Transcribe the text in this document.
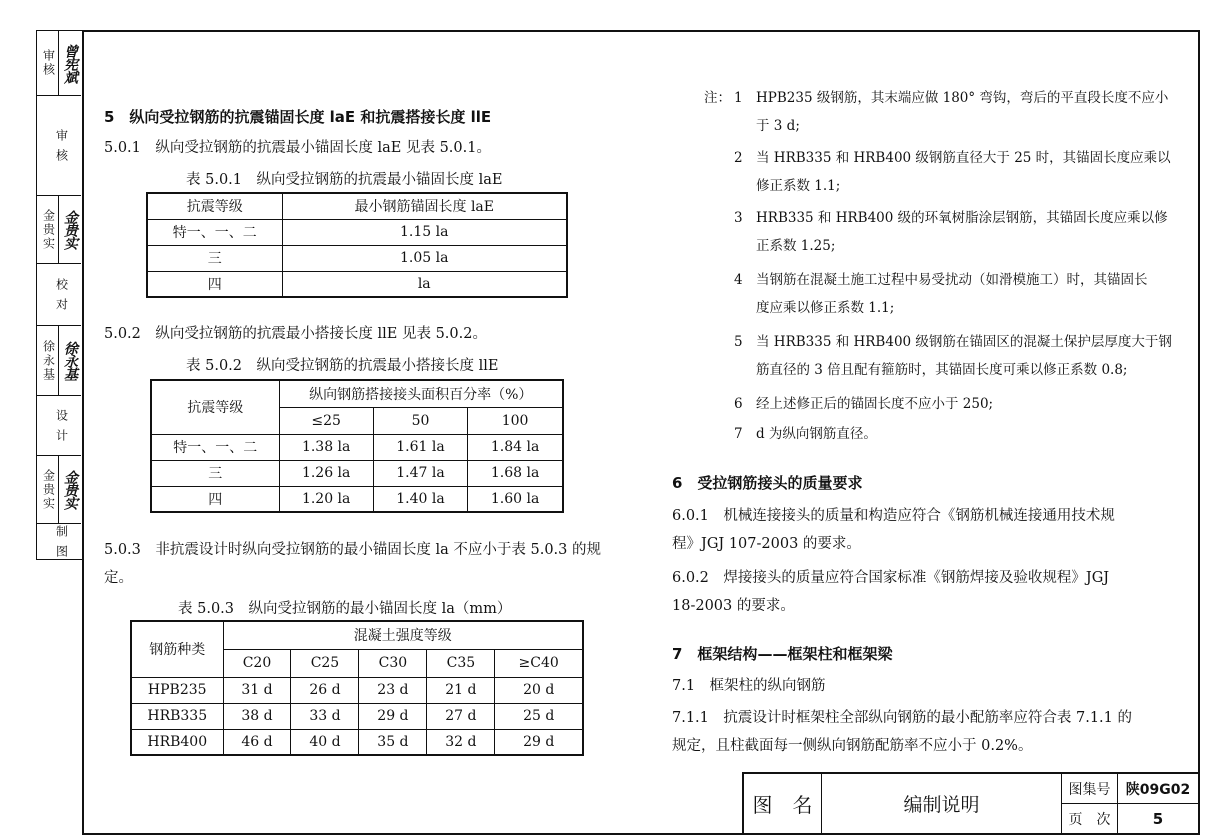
审核 曾宪斌
审 核
金贵实 金贵实
校 对
徐永基 徐永基
设 计
金贵实 金贵实
制 图
5　纵向受拉钢筋的抗震锚固长度 laE 和抗震搭接长度 llE
5.0.1　纵向受拉钢筋的抗震最小锚固长度 laE 见表 5.0.1。
表 5.0.1　纵向受拉钢筋的抗震最小锚固长度 laE
抗震等级	最小钢筋锚固长度 laE
特一、一、二	1.15 la
三	1.05 la
四	la
5.0.2　纵向受拉钢筋的抗震最小搭接长度 llE 见表 5.0.2。
表 5.0.2　纵向受拉钢筋的抗震最小搭接长度 llE
抗震等级	纵向钢筋搭接接头面积百分率（%）		
	≤25	50	100
特一、一、二	1.38 la	1.61 la	1.84 la
三	1.26 la	1.47 la	1.68 la
四	1.20 la	1.40 la	1.60 la
5.0.3　非抗震设计时纵向受拉钢筋的最小锚固长度 la 不应小于表 5.0.3 的规
定。
表 5.0.3　纵向受拉钢筋的最小锚固长度 la（mm）
钢筋种类	混凝土强度等级				
	C20	C25	C30	C35	≥C40
HPB235	31 d	26 d	23 d	21 d	20 d
HRB335	38 d	33 d	29 d	27 d	25 d
HRB400	46 d	40 d	35 d	32 d	29 d
注： 1 HPB235 级钢筋，其末端应做 180° 弯钩，弯后的平直段长度不应小
于 3 d;
2 当 HRB335 和 HRB400 级钢筋直径大于 25 时，其锚固长度应乘以
修正系数 1.1;
3 HRB335 和 HRB400 级的环氧树脂涂层钢筋，其锚固长度应乘以修
正系数 1.25;
4 当钢筋在混凝土施工过程中易受扰动（如滑模施工）时，其锚固长
度应乘以修正系数 1.1;
5 当 HRB335 和 HRB400 级钢筋在锚固区的混凝土保护层厚度大于钢
筋直径的 3 倍且配有箍筋时，其锚固长度可乘以修正系数 0.8;
6 经上述修正后的锚固长度不应小于 250;
7 d 为纵向钢筋直径。
6　受拉钢筋接头的质量要求
6.0.1　机械连接接头的质量和构造应符合《钢筋机械连接通用技术规
程》JGJ 107-2003 的要求。
6.0.2　焊接接头的质量应符合国家标准《钢筋焊接及验收规程》JGJ
18-2003 的要求。
7　框架结构——框架柱和框架梁
7.1　框架柱的纵向钢筋
7.1.1　抗震设计时框架柱全部纵向钢筋的最小配筋率应符合表 7.1.1 的
规定，且柱截面每一侧纵向钢筋配筋率不应小于 0.2%。
图　名	编制说明
图集号	陕09G02
页　次	5
